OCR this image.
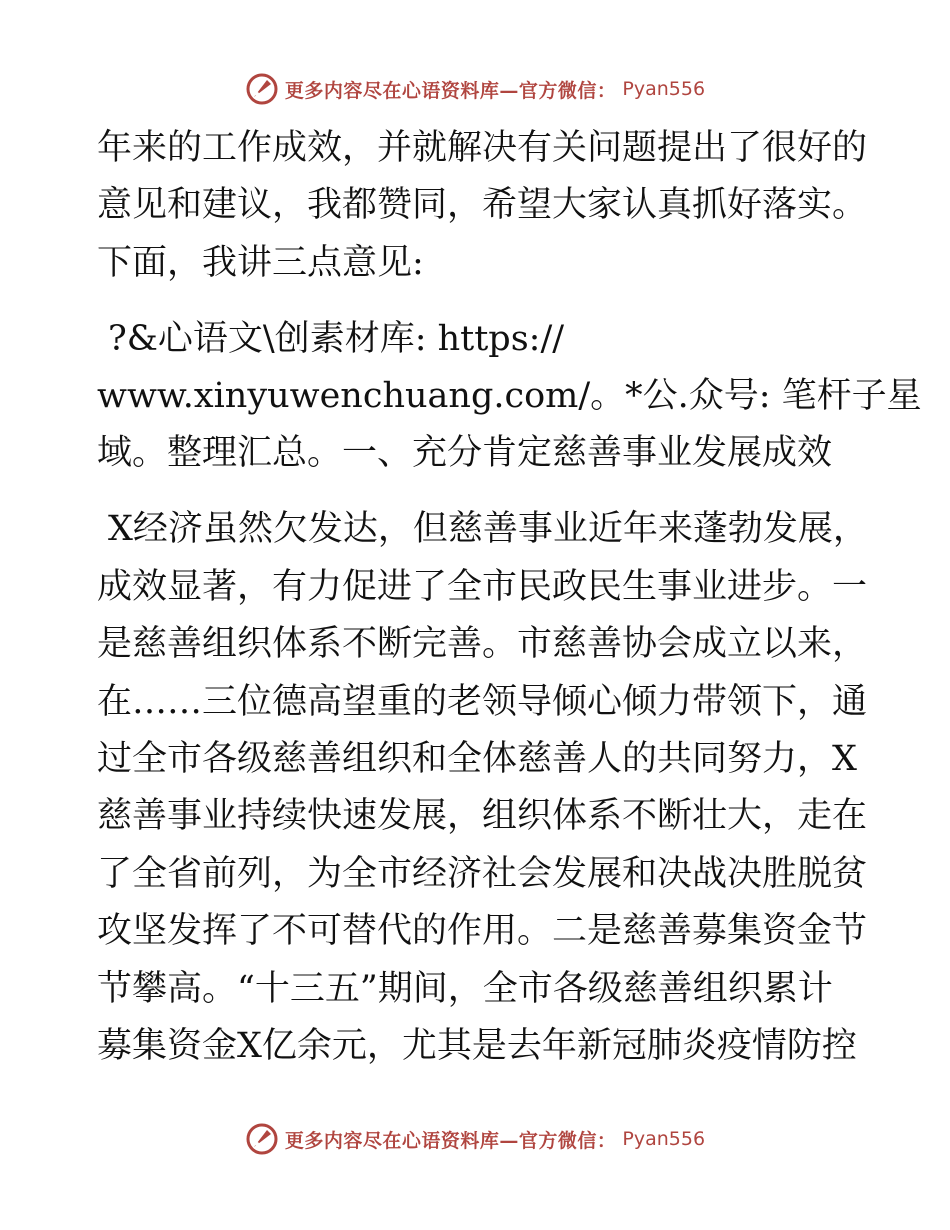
更多内容尽在心语资料库—官方微信： Pyan556
年来的工作成效，并就解决有关问题提出了很好的
意见和建议，我都赞同，希望大家认真抓好落实。
下面，我讲三点意见:
?&心语文\创素材库: https://
www.xinyuwenchuang.com/。*公.众号: 笔杆子星
域。整理汇总。一、充分肯定慈善事业发展成效
X经济虽然欠发达，但慈善事业近年来蓬勃发展，
成效显著，有力促进了全市民政民生事业进步。一
是慈善组织体系不断完善。市慈善协会成立以来，
在……三位德高望重的老领导倾心倾力带领下，通
过全市各级慈善组织和全体慈善人的共同努力，X
慈善事业持续快速发展，组织体系不断壮大，走在
了全省前列，为全市经济社会发展和决战决胜脱贫
攻坚发挥了不可替代的作用。二是慈善募集资金节
节攀高。“十三五”期间，全市各级慈善组织累计
募集资金X亿余元，尤其是去年新冠肺炎疫情防控
更多内容尽在心语资料库—官方微信： Pyan556
